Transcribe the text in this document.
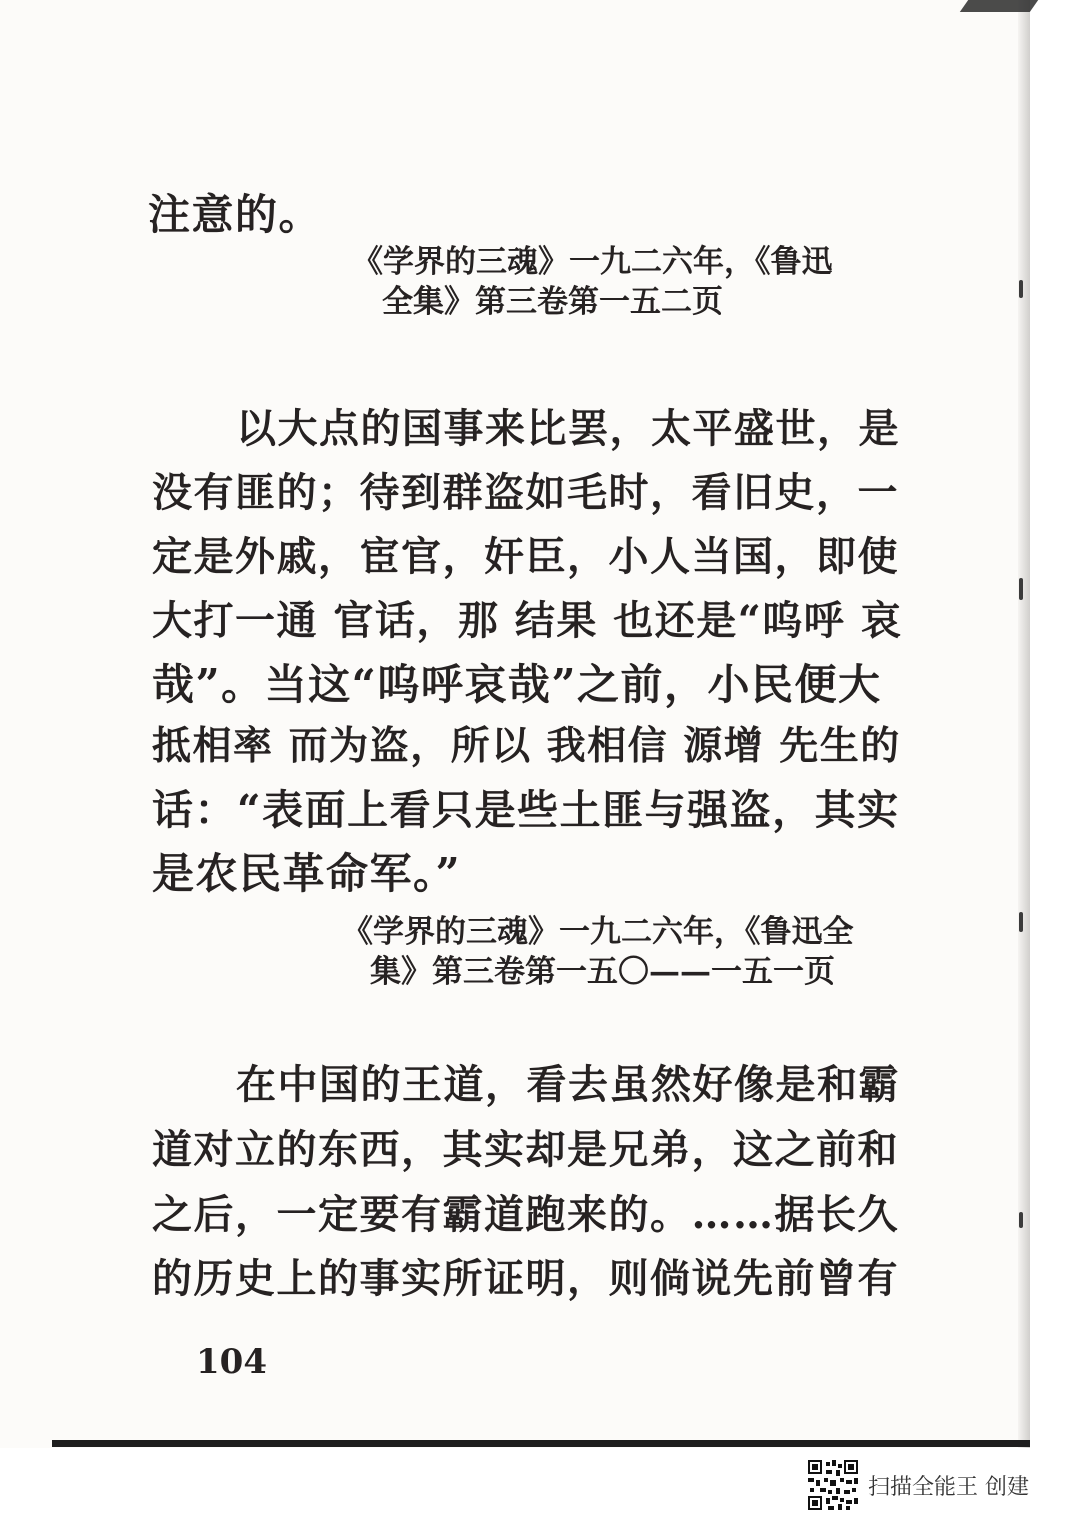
注意的。
《学界的三魂》一九二六年，《鲁迅
全集》第三卷第一五二页
以大点的国事来比罢，太平盛世，是
没有匪的；待到群盗如毛时，看旧史，一
定是外戚，宦官，奸臣，小人当国，即使
大打一通 官话，那 结果 也还是“呜呼 哀
哉”。当这“呜呼哀哉”之前，小民便大
抵相率 而为盗，所以 我相信 源增 先生的
话：“表面上看只是些土匪与强盗，其实
是农民革命军。”
《学界的三魂》一九二六年，《鲁迅全
集》第三卷第一五〇——一五一页
在中国的王道，看去虽然好像是和霸
道对立的东西，其实却是兄弟，这之前和
之后，一定要有霸道跑来的。……据长久
的历史上的事实所证明，则倘说先前曾有
104
扫描全能王 创建
